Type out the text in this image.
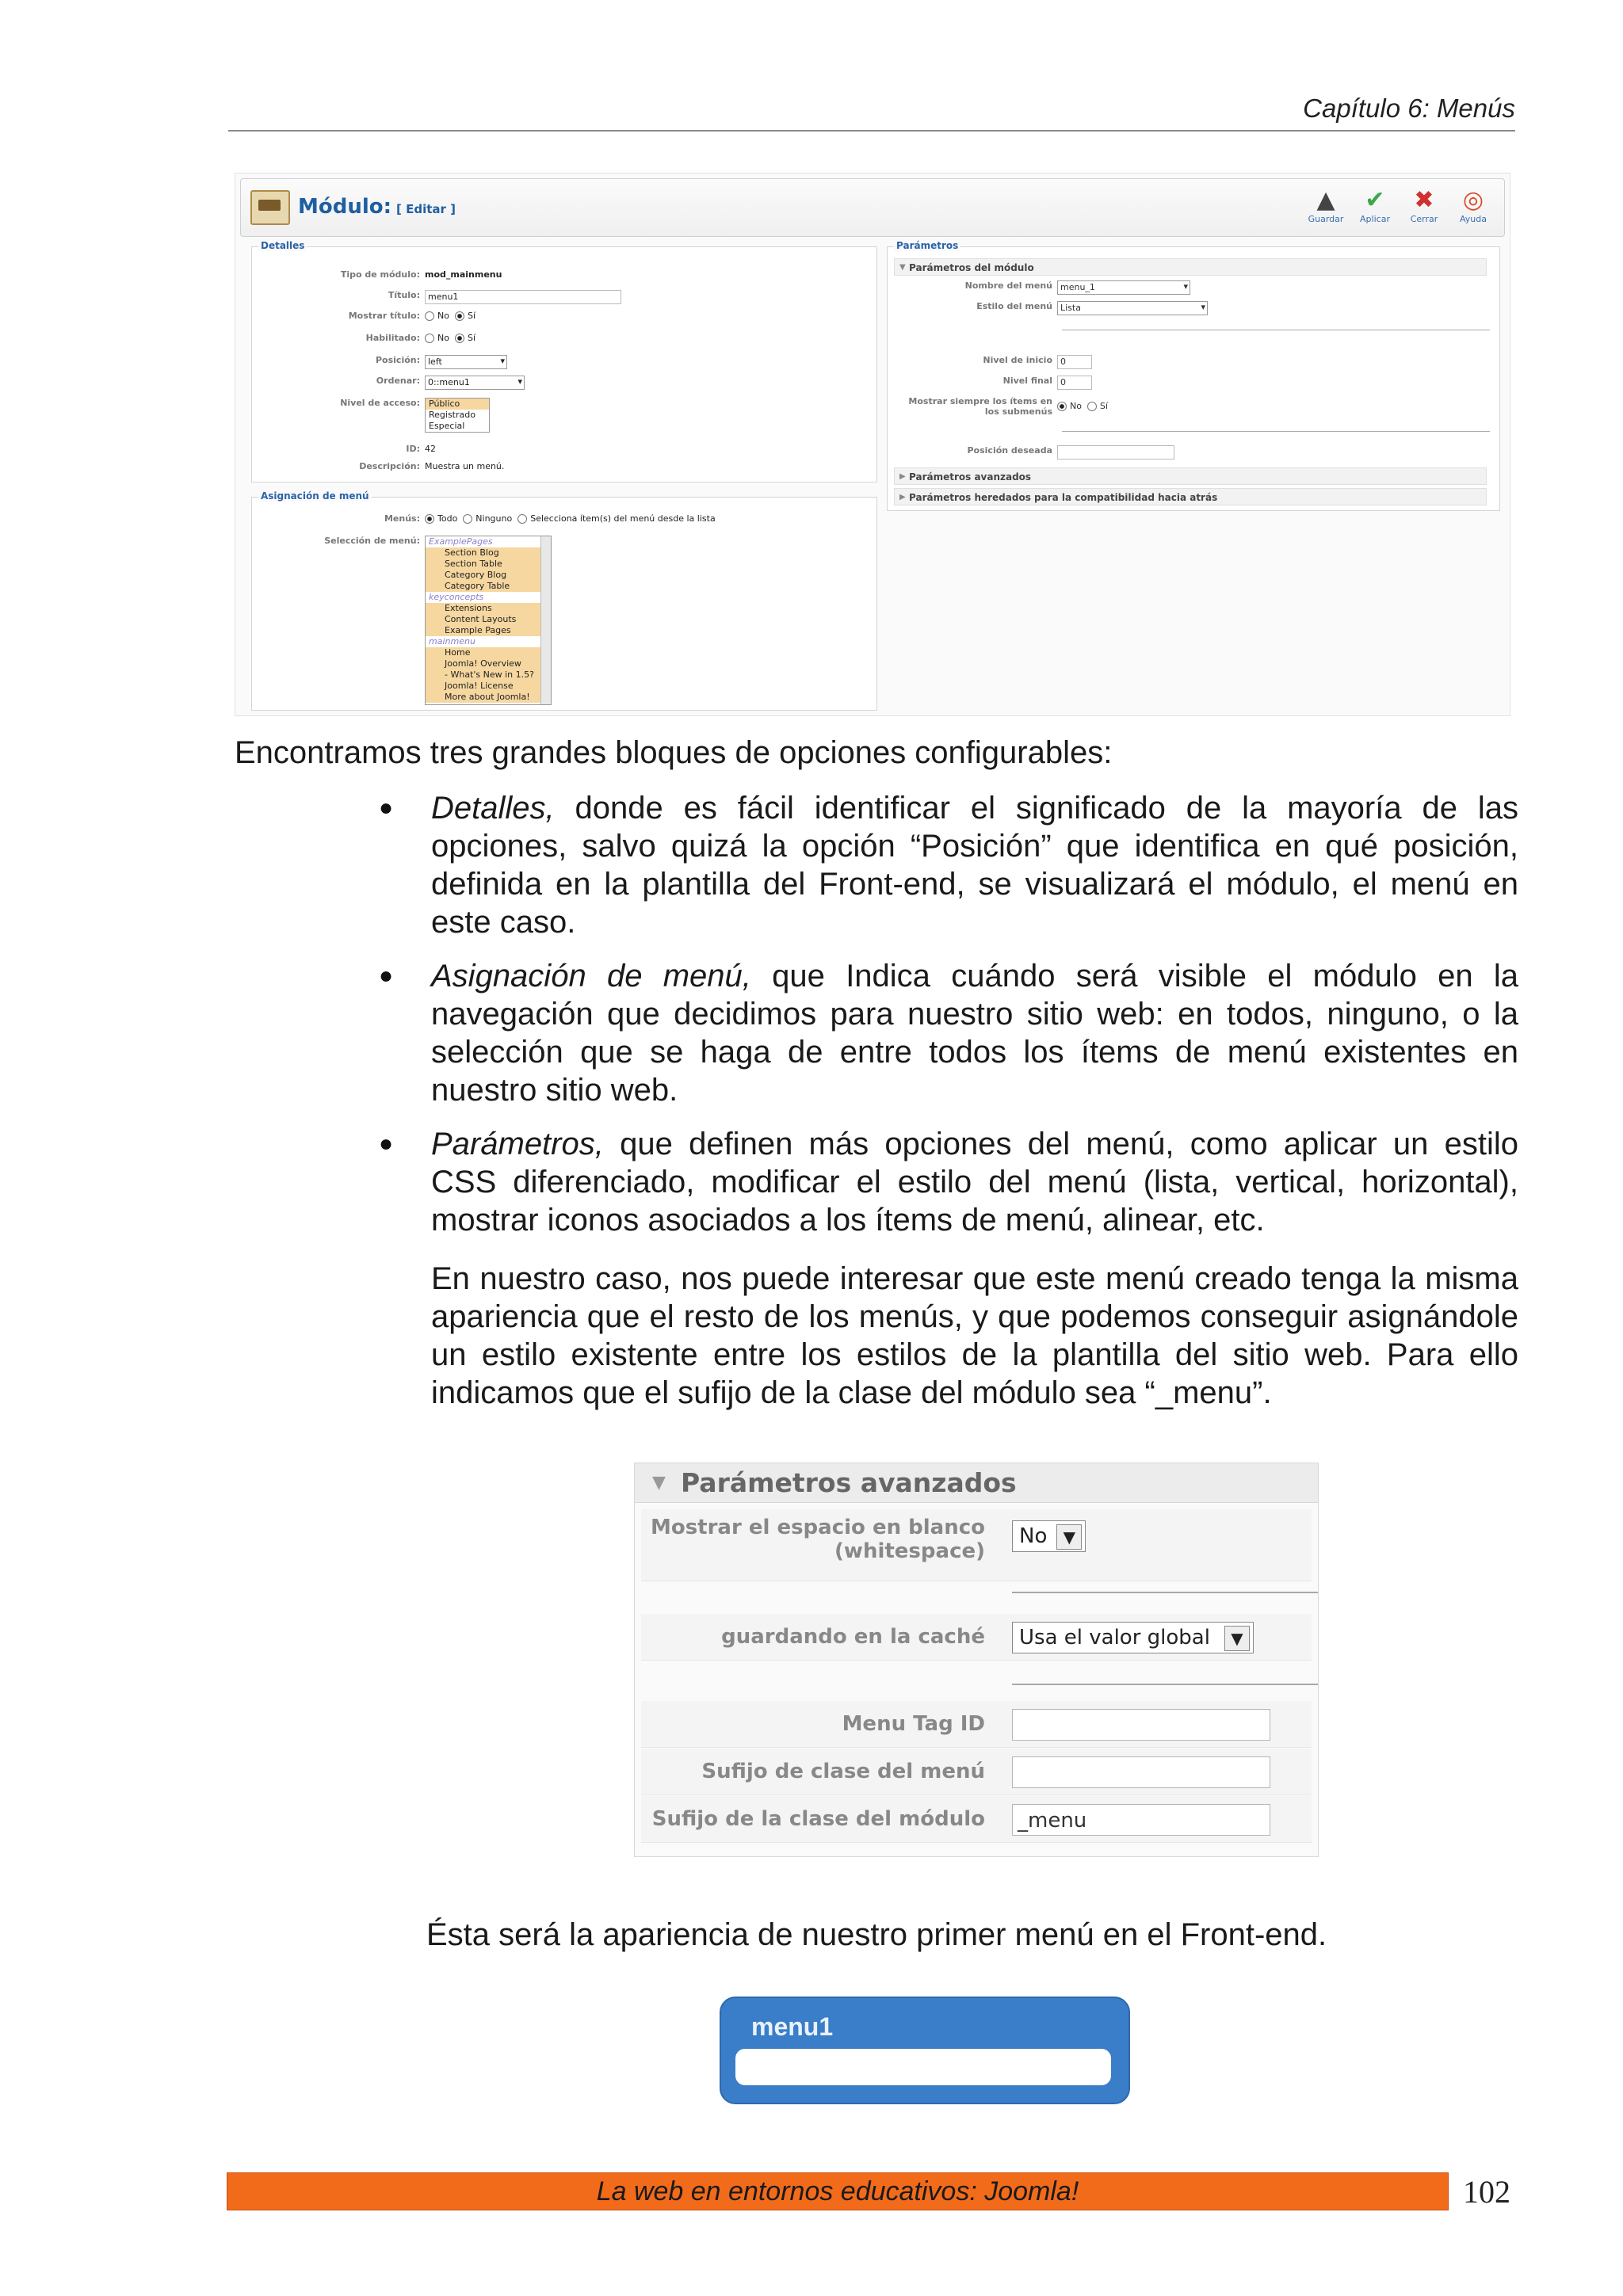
Capítulo 6: Menús
Módulo: [ Editar ]	▲
Guardar
✔
Aplicar
✖
Cerrar
◎
Ayuda
Detalles
Tipo de módulo: mod_mainmenu
Título: menu1
Mostrar título:	No Sí
Habilitado:	No Sí
Posición: left ▾
Ordenar: 0::menu1 ▾
Nivel de acceso:	Público
Registrado
Especial
ID: 42
Descripción: Muestra un menú.
Asignación de menú
Menús:	Todo Ninguno Selecciona ítem(s) del menú desde la lista
Selección de menú:	ExamplePages
Section Blog
Section Table
Category Blog
Category Table
keyconcepts
Extensions
Content Layouts
Example Pages
mainmenu
Home
Joomla! Overview
- What's New in 1.5?
Joomla! License
More about Joomla!
Parámetros
▼ Parámetros del módulo
Nombre del menú menu_1 ▾
Estilo del menú Lista ▾
Nivel de inicio 0
Nivel final 0
Mostrar siempre los ítems en los submenús
No Sí
Posición deseada
▶ Parámetros avanzados
▶ Parámetros heredados para la compatibilidad hacia atrás
Encontramos tres grandes bloques de opciones configurables:
● Detalles, donde es fácil identificar el significado de la mayoría de las opciones, salvo quizá la opción “Posición” que identifica en qué posición, definida en la plantilla del Front-end, se visualizará el módulo, el menú en este caso.
● Asignación de menú, que Indica cuándo será visible el módulo en la navegación que decidimos para nuestro sitio web: en todos, ninguno, o la selección que se haga de entre todos los ítems de menú existentes en nuestro sitio web.
● Parámetros, que definen más opciones del menú, como aplicar un estilo CSS diferenciado, modificar el estilo del menú (lista, vertical, horizontal), mostrar iconos asociados a los ítems de menú, alinear, etc.
En nuestro caso, nos puede interesar que este menú creado tenga la misma apariencia que el resto de los menús, y que podemos conseguir asignándole un estilo existente entre los estilos de la plantilla del sitio web. Para ello indicamos que el sufijo de la clase del módulo sea “_menu”.
▼ Parámetros avanzados
Mostrar el espacio en blanco
(whitespace)
No	▼
guardando en la caché	Usa el valor global	▼
Menu Tag ID
Sufijo de clase del menú
Sufijo de la clase del módulo _menu
Ésta será la apariencia de nuestro primer menú en el Front-end.
menu1
La web en entornos educativos: Joomla!	102
